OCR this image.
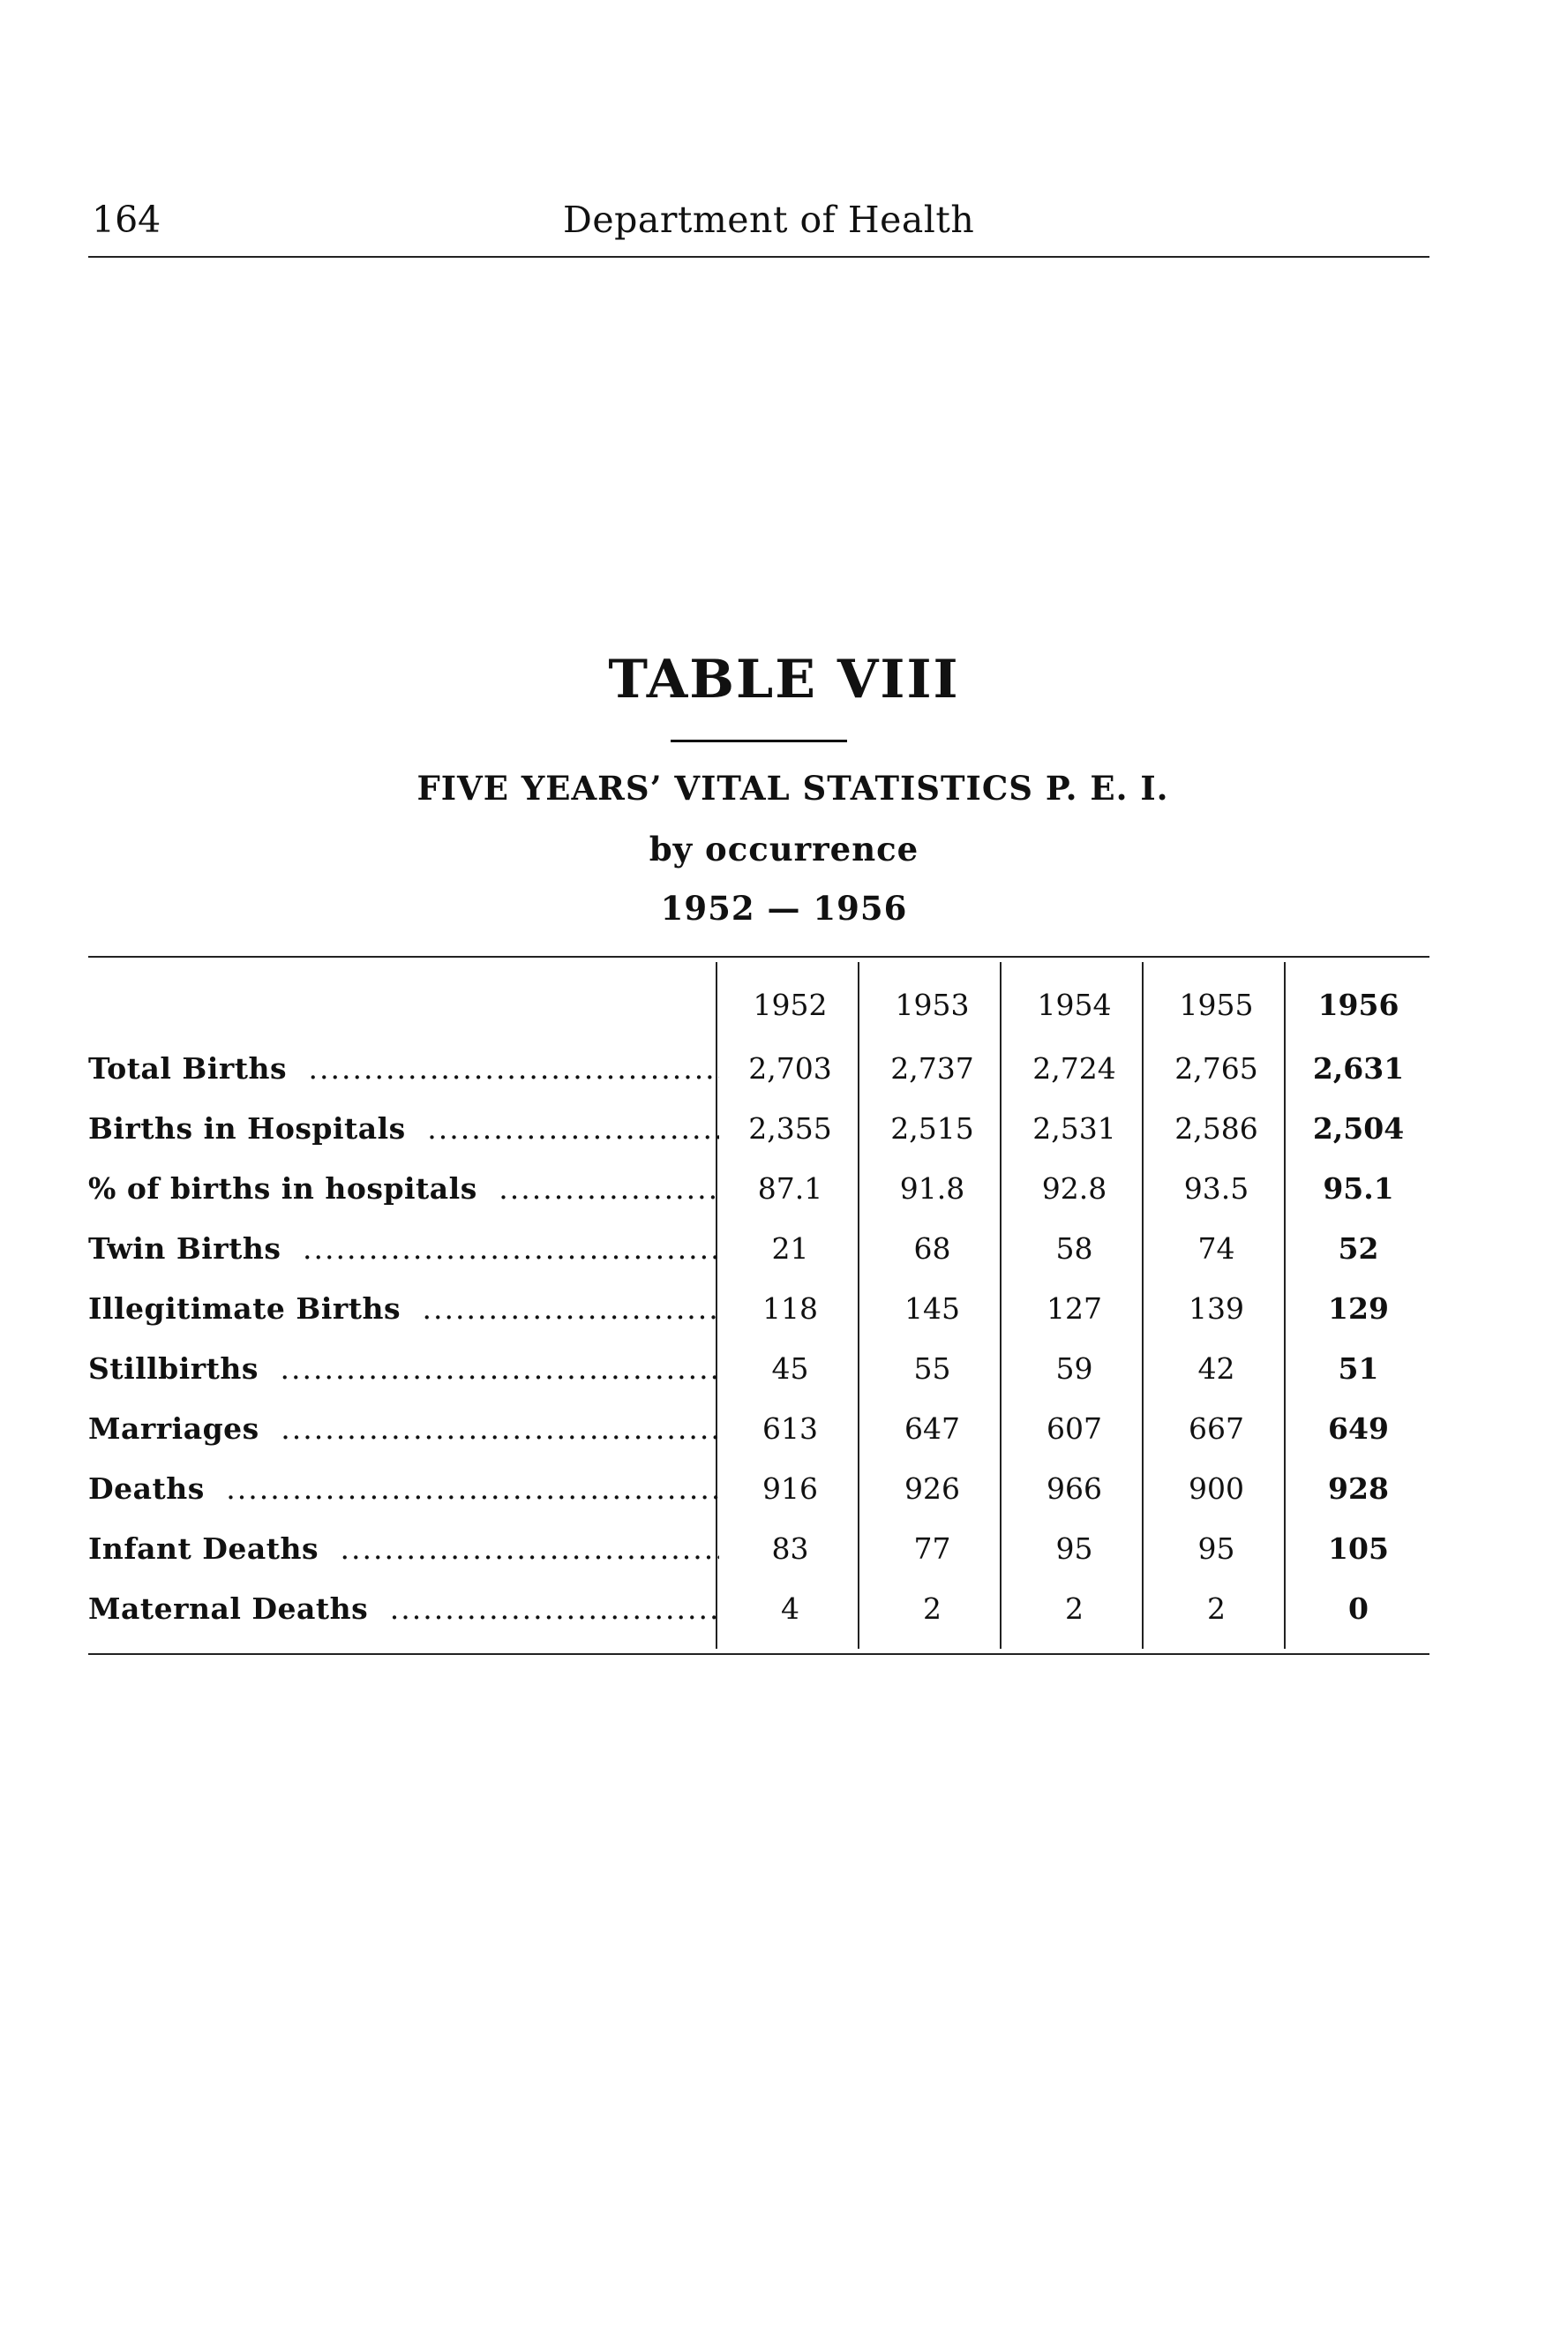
164	Department of Health
TABLE VIII
FIVE YEARS’ VITAL STATISTICS P. E. I.
by occurrence
1952 — 1956
	1952	1953	1954	1955	1956
Total Births .....	2,703	2,737	2,724	2,765	2,631
Births in Hospitals .....	2,355	2,515	2,531	2,586	2,504
% of births in hospitals .....	87.1	91.8	92.8	93.5	95.1
Twin Births .....	21	68	58	74	52
Illegitimate Births .....	118	145	127	139	129
Stillbirths .....	45	55	59	42	51
Marriages .....	613	647	607	667	649
Deaths .....	916	926	966	900	928
Infant Deaths .....	83	77	95	95	105
Maternal Deaths .....	4	2	2	2	0
